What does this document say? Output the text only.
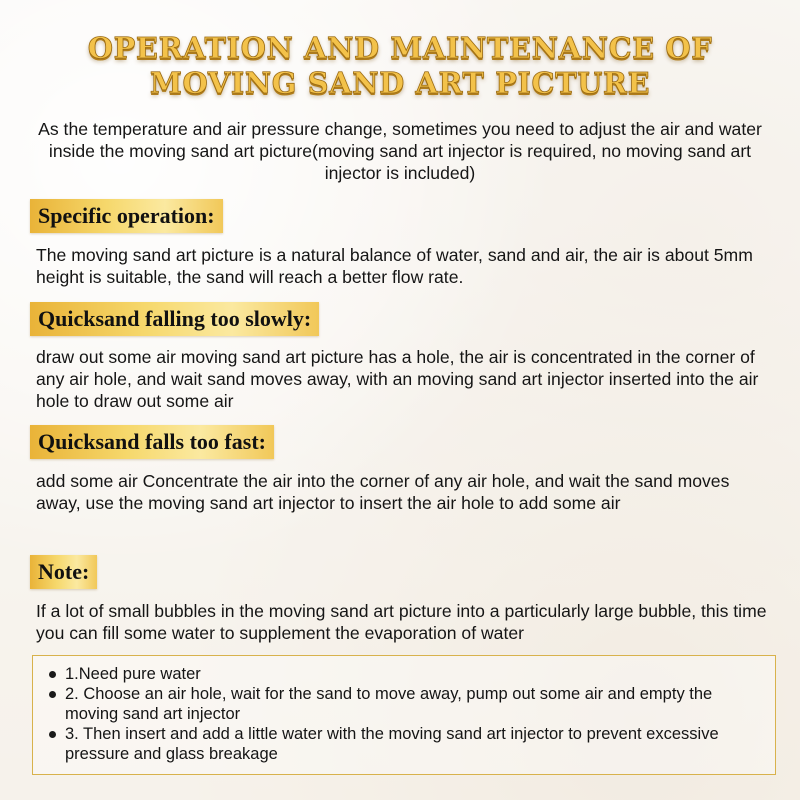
OPERATION AND MAINTENANCE OF
MOVING SAND ART PICTURE

As the temperature and air pressure change, sometimes you need to adjust the air and water inside the moving sand art picture(moving sand art injector is required, no moving sand art injector is included)

Specific operation:

The moving sand art picture is a natural balance of water, sand and air, the air is about 5mm height is suitable, the sand will reach a better flow rate.

Quicksand falling too slowly:

draw out some air moving sand art picture has a hole, the air is concentrated in the corner of any air hole, and wait sand moves away, with an moving sand art injector inserted into the air hole to draw out some air

Quicksand falls too fast:

add some air Concentrate the air into the corner of any air hole, and wait the sand moves away, use the moving sand art injector to insert the air hole to add some air

Note:

If a lot of small bubbles in the moving sand art picture into a particularly large bubble, this time you can fill some water to supplement the evaporation of water

1.Need pure water
2. Choose an air hole, wait for the sand to move away, pump out some air and empty the moving sand art injector
3. Then insert and add a little water with the moving sand art injector to prevent excessive pressure and glass breakage
